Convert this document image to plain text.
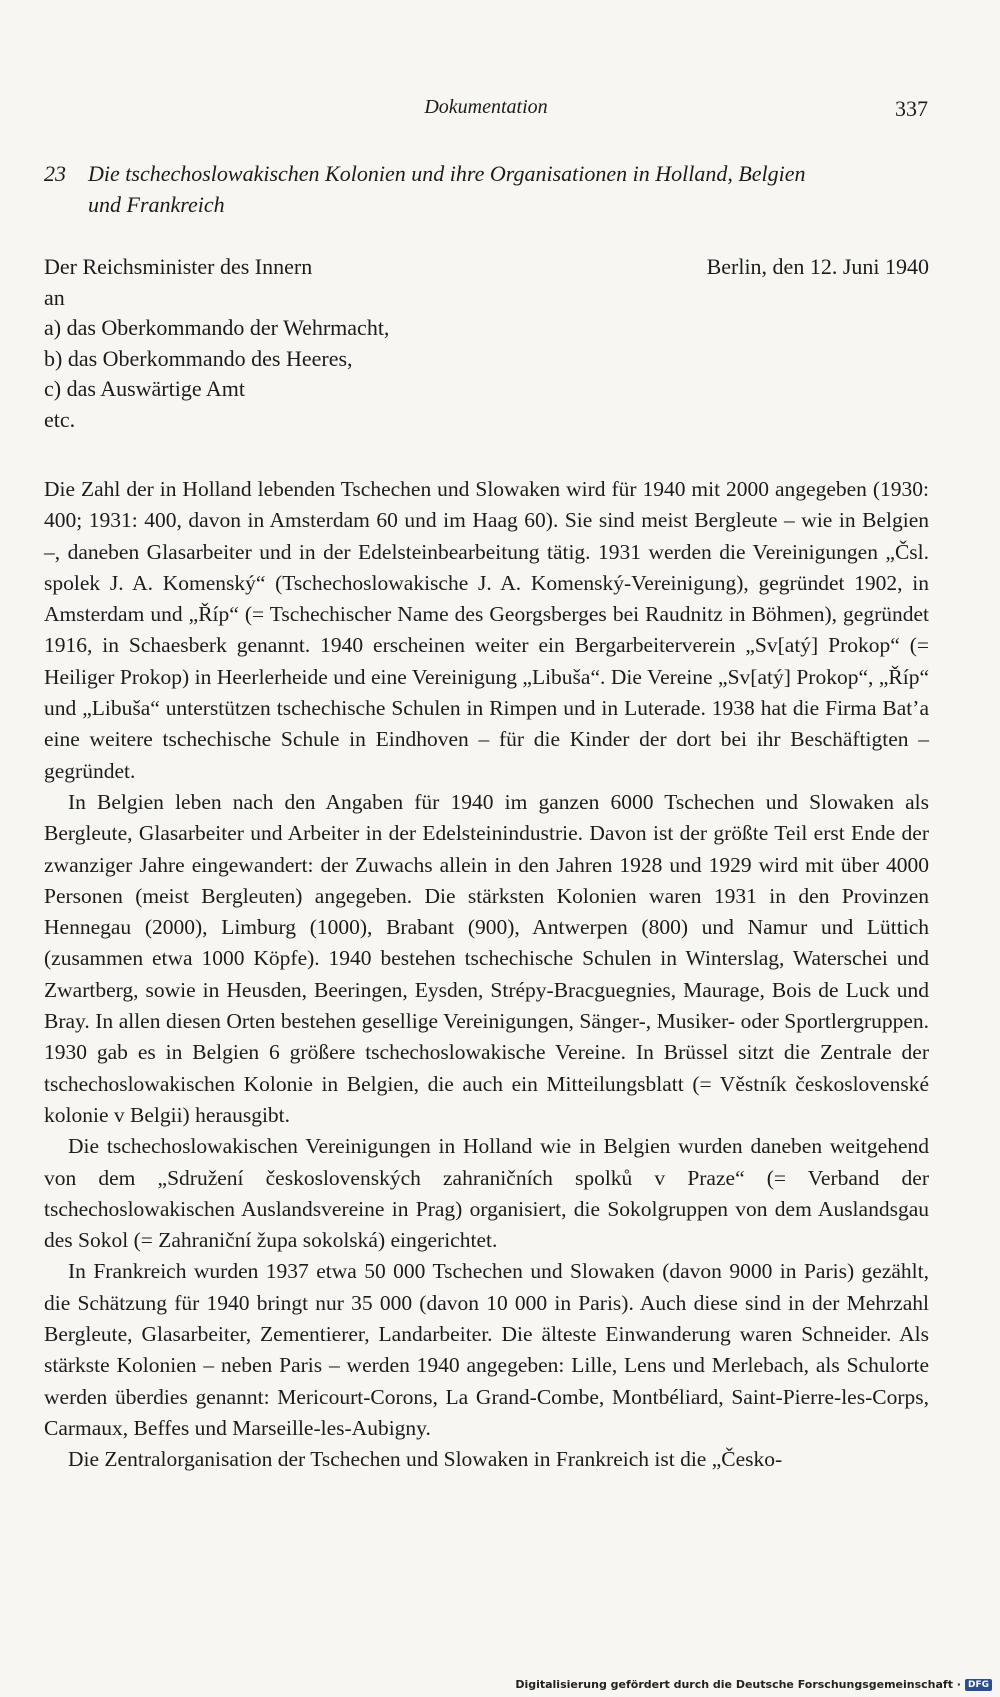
Dokumentation	337
23 Die tschechoslowakischen Kolonien und ihre Organisationen in Holland, Belgien
und Frankreich
Der Reichsminister des Innern	Berlin, den 12. Juni 1940
an
a) das Oberkommando der Wehrmacht,
b) das Oberkommando des Heeres,
c) das Auswärtige Amt
etc.

Die Zahl der in Holland lebenden Tschechen und Slowaken wird für 1940 mit 2000 angegeben (1930: 400; 1931: 400, davon in Amsterdam 60 und im Haag 60). Sie sind meist Bergleute – wie in Belgien –, daneben Glasarbeiter und in der Edelsteinbearbeitung tätig. 1931 werden die Vereinigungen „Čsl. spolek J. A. Komenský“ (Tschechoslowakische J. A. Komenský-Vereinigung), gegründet 1902, in Amsterdam und „Říp“ (= Tschechischer Name des Georgsberges bei Raudnitz in Böhmen), gegründet 1916, in Schaesberk genannt. 1940 erscheinen weiter ein Bergarbeiterverein „Sv[atý] Prokop“ (= Heiliger Prokop) in Heerlerheide und eine Vereinigung „Libuša“. Die Vereine „Sv[atý] Prokop“, „Říp“ und „Libuša“ unterstützen tschechische Schulen in Rimpen und in Luterade. 1938 hat die Firma Bat’a eine weitere tschechische Schule in Eindhoven – für die Kinder der dort bei ihr Beschäftigten – gegründet.

In Belgien leben nach den Angaben für 1940 im ganzen 6000 Tschechen und Slowaken als Bergleute, Glasarbeiter und Arbeiter in der Edelsteinindustrie. Davon ist der größte Teil erst Ende der zwanziger Jahre eingewandert: der Zuwachs allein in den Jahren 1928 und 1929 wird mit über 4000 Personen (meist Bergleuten) angegeben. Die stärksten Kolonien waren 1931 in den Provinzen Hennegau (2000), Limburg (1000), Brabant (900), Antwerpen (800) und Namur und Lüttich (zusammen etwa 1000 Köpfe). 1940 bestehen tschechische Schulen in Winterslag, Waterschei und Zwartberg, sowie in Heusden, Beeringen, Eysden, Strépy-Bracguegnies, Maurage, Bois de Luck und Bray. In allen diesen Orten bestehen gesellige Vereinigungen, Sänger-, Musiker- oder Sportlergruppen. 1930 gab es in Belgien 6 größere tschechoslowakische Vereine. In Brüssel sitzt die Zentrale der tschechoslowakischen Kolonie in Belgien, die auch ein Mitteilungsblatt (= Věstník československé kolonie v Belgii) herausgibt.

Die tschechoslowakischen Vereinigungen in Holland wie in Belgien wurden daneben weitgehend von dem „Sdružení československých zahraničních spolků v Praze“ (= Verband der tschechoslowakischen Auslandsvereine in Prag) organisiert, die Sokolgruppen von dem Auslandsgau des Sokol (= Zahraniční župa sokolská) eingerichtet.

In Frankreich wurden 1937 etwa 50 000 Tschechen und Slowaken (davon 9000 in Paris) gezählt, die Schätzung für 1940 bringt nur 35 000 (davon 10 000 in Paris). Auch diese sind in der Mehrzahl Bergleute, Glasarbeiter, Zementierer, Landarbeiter. Die älteste Einwanderung waren Schneider. Als stärkste Kolonien – neben Paris – werden 1940 angegeben: Lille, Lens und Merlebach, als Schulorte werden überdies genannt: Mericourt-Corons, La Grand-Combe, Montbéliard, Saint-Pierre-les-Corps, Carmaux, Beffes und Marseille-les-Aubigny.

Die Zentralorganisation der Tschechen und Slowaken in Frankreich ist die „Česko-

Digitalisierung gefördert durch die Deutsche Forschungsgemeinschaft · DFG
